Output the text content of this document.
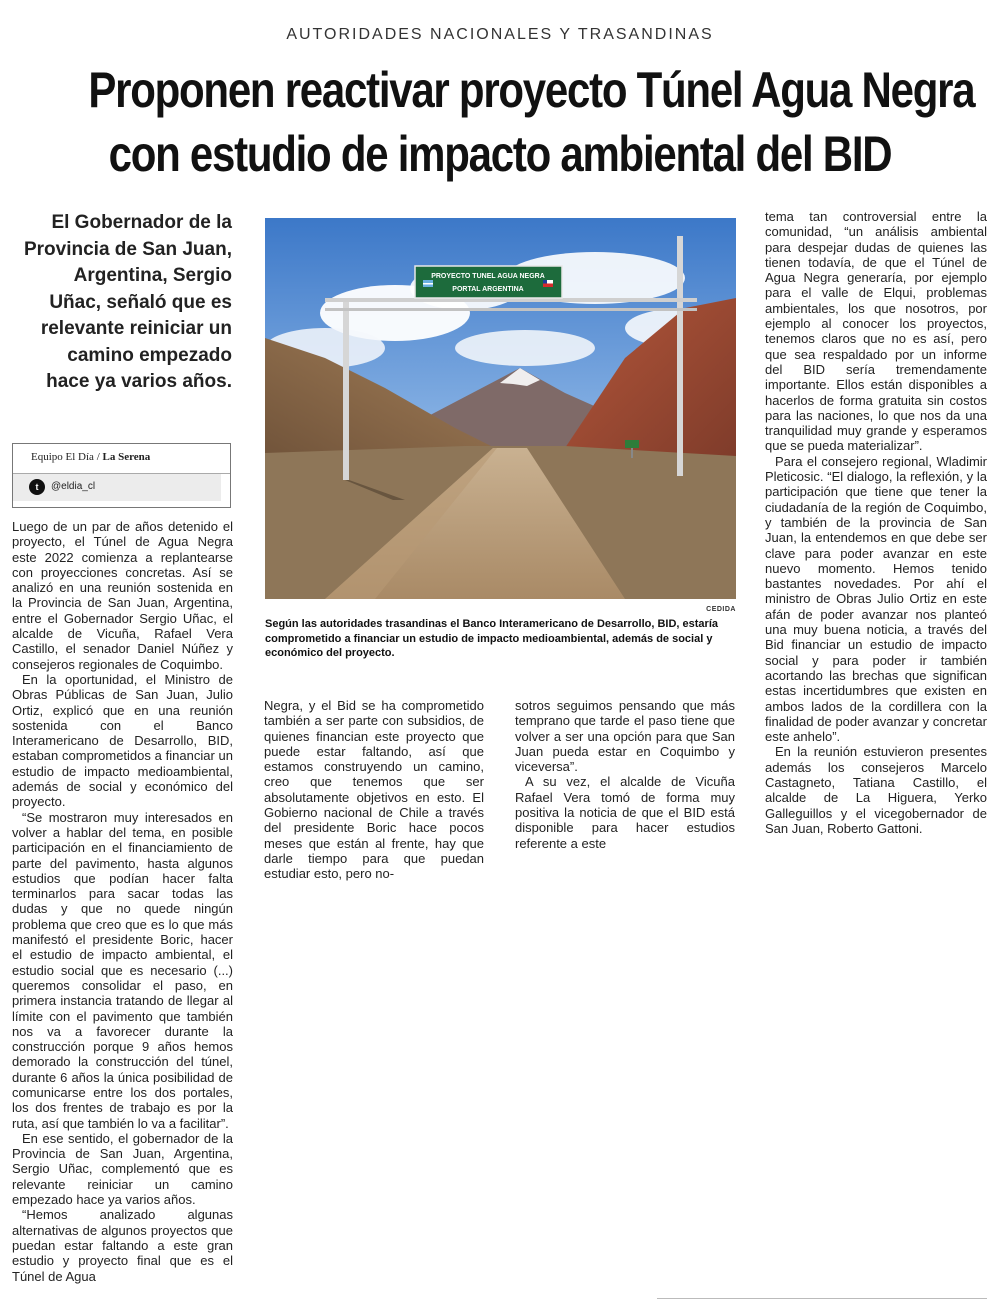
AUTORIDADES NACIONALES Y TRASANDINAS
Proponen reactivar proyecto Túnel Agua Negra
con estudio de impacto ambiental del BID
El Gobernador de la Provincia de San Juan, Argentina, Sergio Uñac, señaló que es relevante reiniciar un camino empezado hace ya varios años.
Equipo El Día / La Serena
t	@eldia_cl

Luego de un par de años detenido el proyecto, el Túnel de Agua Negra este 2022 comienza a replantearse con proyecciones concretas. Así se analizó en una reunión sostenida en la Provincia de San Juan, Argentina, entre el Gobernador Sergio Uñac, el alcalde de Vicuña, Rafael Vera Castillo, el senador Daniel Núñez y consejeros regionales de Coquimbo.

En la oportunidad, el Ministro de Obras Públicas de San Juan, Julio Ortiz, explicó que en una reunión sostenida con el Banco Interamericano de Desarrollo, BID, estaban comprometidos a financiar un estudio de impacto medioambiental, además de social y económico del proyecto.

“Se mostraron muy interesados en volver a hablar del tema, en posible participación en el financiamiento de parte del pavimento, hasta algunos estudios que podían hacer falta terminarlos para sacar todas las dudas y que no quede ningún problema que creo que es lo que más manifestó el presidente Boric, hacer el estudio de impacto ambiental, el estudio social que es necesario (...) queremos consolidar el paso, en primera instancia tratando de llegar al límite con el pavimento que también nos va a favorecer durante la construcción porque 9 años hemos demorado la construcción del túnel, durante 6 años la única posibilidad de comunicarse entre los dos portales, los dos frentes de trabajo es por la ruta, así que también lo va a facilitar”.

En ese sentido, el gobernador de la Provincia de San Juan, Argentina, Sergio Uñac, complementó que es relevante reiniciar un camino empezado hace ya varios años.

“Hemos analizado algunas alternativas de algunos proyectos que puedan estar faltando a este gran estudio y proyecto final que es el Túnel de Agua

PROYECTO TUNEL AGUA NEGRA
PORTAL ARGENTINA
CEDIDA
Según las autoridades trasandinas el Banco Interamericano de Desarrollo, BID, estaría comprometido a financiar un estudio de impacto medioambiental, además de social y económico del proyecto.

Negra, y el Bid se ha comprometido también a ser parte con subsidios, de quienes financian este proyecto que puede estar faltando, así que estamos construyendo un camino, creo que tenemos que ser absolutamente objetivos en esto. El Gobierno nacional de Chile a través del presidente Boric hace pocos meses que están al frente, hay que darle tiempo para que puedan estudiar esto, pero no-

sotros seguimos pensando que más temprano que tarde el paso tiene que volver a ser una opción para que San Juan pueda estar en Coquimbo y viceversa”.

A su vez, el alcalde de Vicuña Rafael Vera tomó de forma muy positiva la noticia de que el BID está disponible para hacer estudios referente a este

tema tan controversial entre la comunidad, “un análisis ambiental para despejar dudas de quienes las tienen todavía, de que el Túnel de Agua Negra generaría, por ejemplo para el valle de Elqui, problemas ambientales, los que nosotros, por ejemplo al conocer los proyectos, tenemos claros que no es así, pero que sea respaldado por un informe del BID sería tremendamente importante. Ellos están disponibles a hacerlos de forma gratuita sin costos para las naciones, lo que nos da una tranquilidad muy grande y esperamos que se pueda materializar”.

Para el consejero regional, Wladimir Pleticosic. “El dialogo, la reflexión, y la participación que tiene que tener la ciudadanía de la región de Coquimbo, y también de la provincia de San Juan, la entendemos en que debe ser clave para poder avanzar en este nuevo momento. Hemos tenido bastantes novedades. Por ahí el ministro de Obras Julio Ortiz en este afán de poder avanzar nos planteó una muy buena noticia, a través del Bid financiar un estudio de impacto social y para poder ir también acortando las brechas que significan estas incertidumbres que existen en ambos lados de la cordillera con la finalidad de poder avanzar y concretar este anhelo”.

En la reunión estuvieron presentes además los consejeros Marcelo Castagneto, Tatiana Castillo, el alcalde de La Higuera, Yerko Galleguillos y el vicegobernador de San Juan, Roberto Gattoni.
